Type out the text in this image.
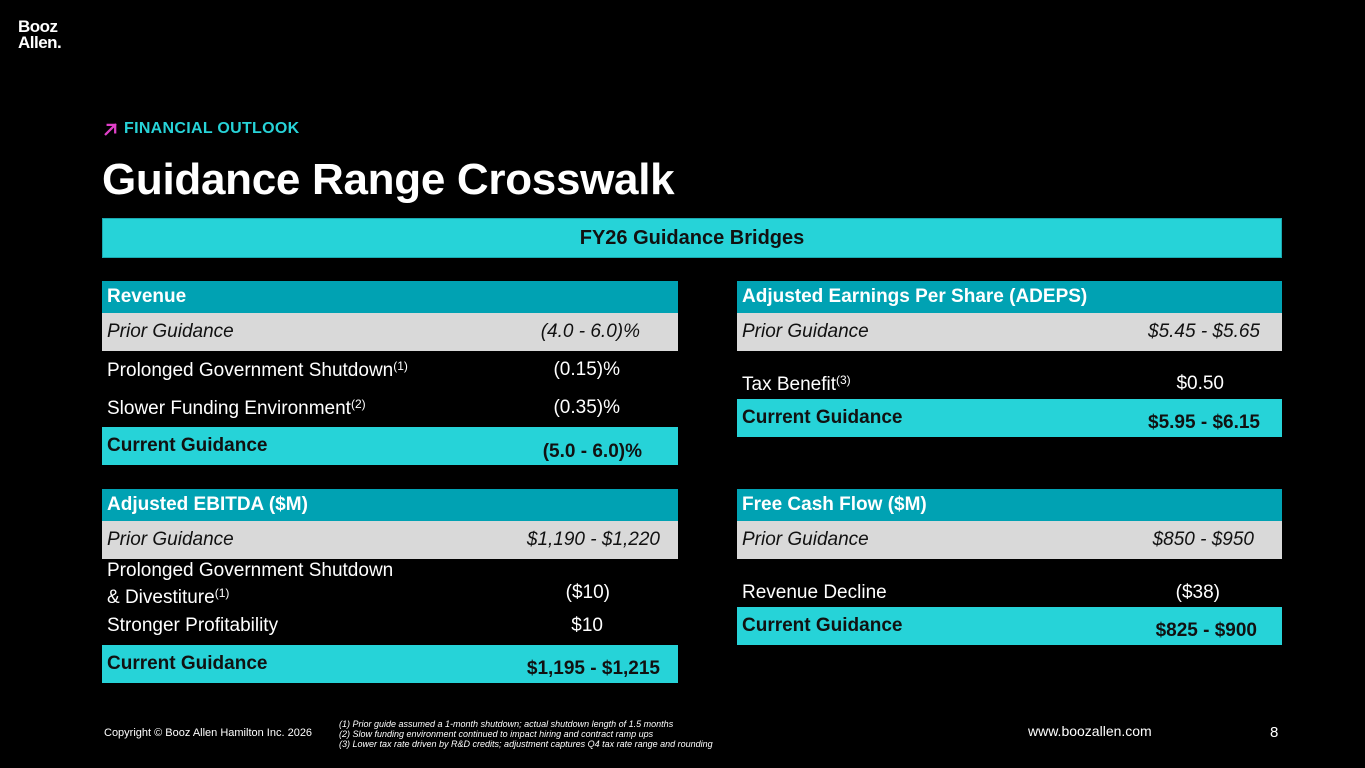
Booz
Allen.
FINANCIAL OUTLOOK
Guidance Range Crosswalk
FY26 Guidance Bridges
Revenue
Prior Guidance	(4.0 - 6.0)%
Prolonged Government Shutdown$^{(1)}$	(0.15)%
Slower Funding Environment$^{(2)}$	(0.35)%
Current Guidance	(5.0 - 6.0)%
Adjusted Earnings Per Share (ADEPS)
Prior Guidance	$5.45 - $5.65
Tax Benefit$^{(3)}$	$0.50
Current Guidance	$5.95 - $6.15
Adjusted EBITDA ($M)
Prior Guidance	$1,190 - $1,220
Prolonged Government Shutdown
& Divestiture$^{(1)}$	($10)
Stronger Profitability	$10
Current Guidance	$1,195 - $1,215
Free Cash Flow ($M)
Prior Guidance	$850 - $950
Revenue Decline	($38)
Current Guidance	$825 - $900
Copyright © Booz Allen Hamilton Inc. 2026
(1) Prior guide assumed a 1-month shutdown; actual shutdown length of 1.5 months
(2) Slow funding environment continued to impact hiring and contract ramp ups
(3) Lower tax rate driven by R&D credits; adjustment captures Q4 tax rate range and rounding
www.boozallen.com	8
